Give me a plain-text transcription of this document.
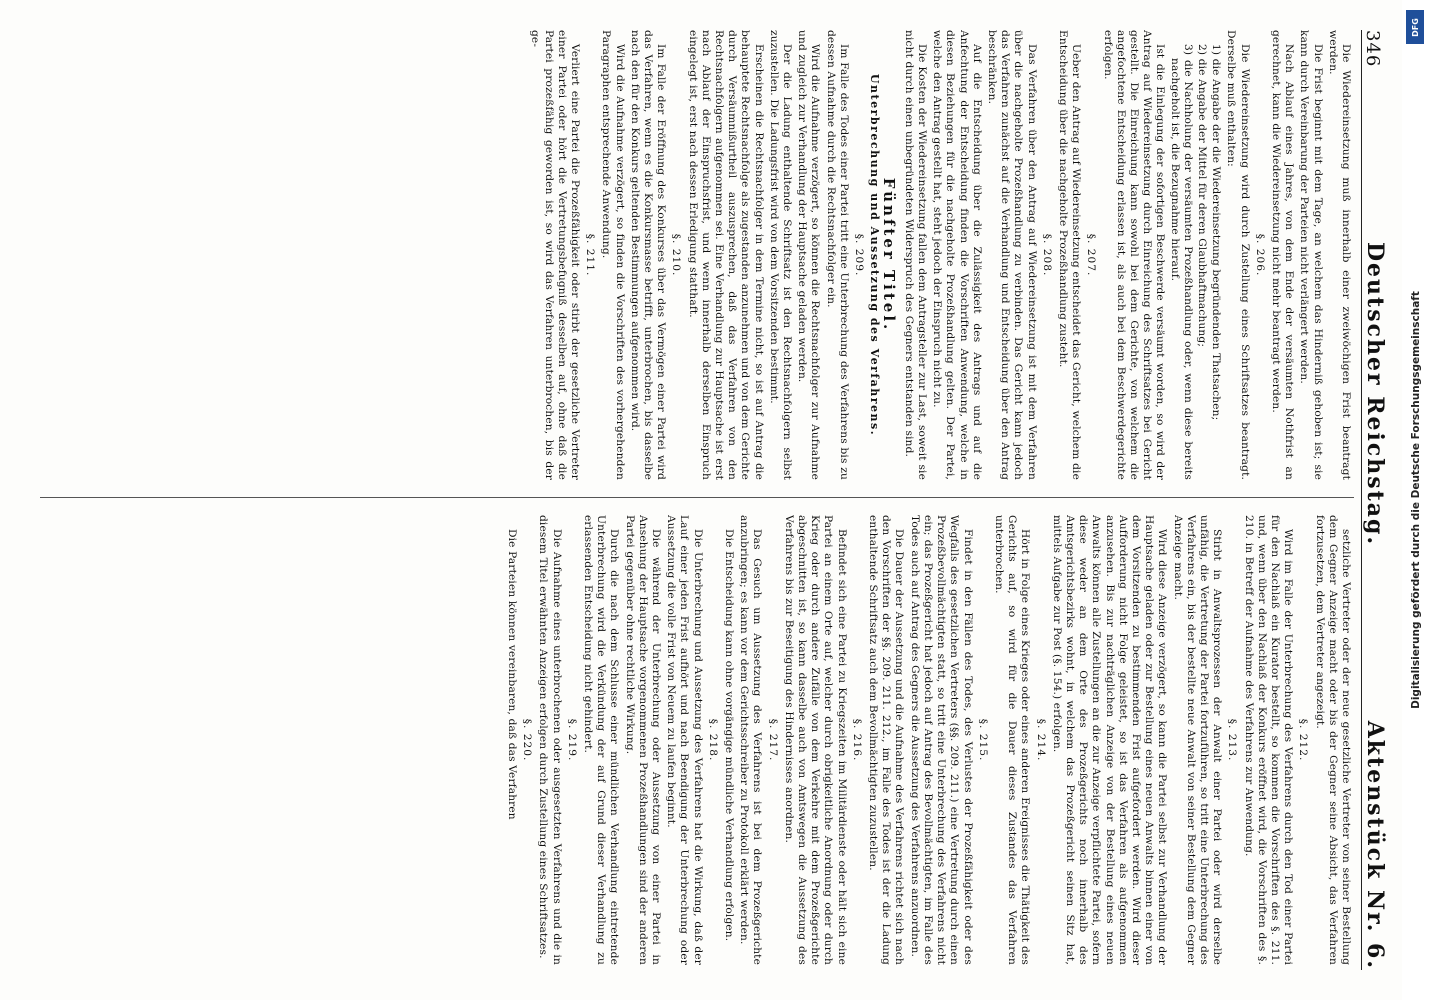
346
Deutscher Reichstag.
Aktenstück Nr. 6.
Die Wiedereinsetzung muß innerhalb einer zweiwöchigen Frist beantragt werden.
Die Frist beginnt mit dem Tage, an welchem das Hinderniß gehoben ist; sie kann durch Vereinbarung der Parteien nicht verlängert werden.
Nach Ablauf eines Jahres, von dem Ende der versäumten Nothfrist an gerechnet, kann die Wiedereinsetzung nicht mehr beantragt werden.
§. 206.
Die Wiedereinsetzung wird durch Zustellung eines Schriftsatzes beantragt. Derselbe muß enthalten:
1) die Angabe der die Wiedereinsetzung begründenden Thatsachen;
2) die Angabe der Mittel für deren Glaubhaftmachung;
3) die Nachholung der versäumten Prozeßhandlung oder, wenn diese bereits nachgeholt ist, die Bezugnahme hierauf.
Ist die Einlegung der sofortigen Beschwerde versäumt worden, so wird der Antrag auf Wiedereinsetzung durch Einreichung des Schriftsatzes bei Gericht gestellt. Die Einreichung kann sowohl bei dem Gerichte, von welchem die angefochtene Entscheidung erlassen ist, als auch bei dem Beschwerdegerichte erfolgen.
§. 207.
Ueber den Antrag auf Wiedereinsetzung entscheidet das Gericht, welchem die Entscheidung über die nachgeholte Prozeßhandlung zusteht.
§. 208.
Das Verfahren über den Antrag auf Wiedereinsetzung ist mit dem Verfahren über die nachgeholte Prozeßhandlung zu verbinden. Das Gericht kann jedoch das Verfahren zunächst auf die Verhandlung und Entscheidung über den Antrag beschränken.
Auf die Entscheidung über die Zulässigkeit des Antrags und auf die Anfechtung der Entscheidung finden die Vorschriften Anwendung, welche in diesen Beziehungen für die nachgeholte Prozeßhandlung gelten. Der Partei, welche den Antrag gestellt hat, steht jedoch der Einspruch nicht zu.
Die Kosten der Wiedereinsetzung fallen dem Antragsteller zur Last, soweit sie nicht durch einen unbegründeten Widerspruch des Gegners entstanden sind.
Fünfter Titel.
Unterbrechung und Aussetzung des Verfahrens.
§. 209.
Im Falle des Todes einer Partei tritt eine Unterbrechung des Verfahrens bis zu dessen Aufnahme durch die Rechtsnachfolger ein.
Wird die Aufnahme verzögert, so können die Rechtsnachfolger zur Aufnahme und zugleich zur Verhandlung der Hauptsache geladen werden.
Der die Ladung enthaltende Schriftsatz ist den Rechtsnachfolgern selbst zuzustellen. Die Ladungsfrist wird von dem Vorsitzenden bestimmt.
Erscheinen die Rechtsnachfolger in dem Termine nicht, so ist auf Antrag die behauptete Rechtsnachfolge als zugestanden anzunehmen und von dem Gerichte durch Versäumnißurtheil auszusprechen, daß das Verfahren von den Rechtsnachfolgern aufgenommen sei. Eine Verhandlung zur Hauptsache ist erst nach Ablauf der Einspruchsfrist, und wenn innerhalb derselben Einspruch eingelegt ist, erst nach dessen Erledigung statthaft.
§. 210.
Im Falle der Eröffnung des Konkurses über das Vermögen einer Partei wird das Verfahren, wenn es die Konkursmasse betrifft, unterbrochen, bis dasselbe nach den für den Konkurs geltenden Bestimmungen aufgenommen wird.
Wird die Aufnahme verzögert, so finden die Vorschriften des vorhergehenden Paragraphen entsprechende Anwendung.
§. 211.
Verliert eine Partei die Prozeßfähigkeit oder stirbt der gesetzliche Vertreter einer Partei oder hört die Vertretungsbefugniß desselben auf, ohne daß die Partei prozeßfähig geworden ist, so wird das Verfahren unterbrochen, bis der ge-
setzliche Vertreter oder der neue gesetzliche Vertreter von seiner Bestellung dem Gegner Anzeige macht oder bis der Gegner seine Absicht, das Verfahren fortzusetzen, dem Vertreter angezeigt.
§. 212.
Wird im Falle der Unterbrechung des Verfahrens durch den Tod einer Partei für den Nachlaß ein Kurator bestellt, so kommen die Vorschriften des §. 211. und, wenn über den Nachlaß der Konkurs eröffnet wird, die Vorschriften des §. 210. in Betreff der Aufnahme des Verfahrens zur Anwendung.
§. 213.
Stirbt in Anwaltsprozessen der Anwalt einer Partei oder wird derselbe unfähig, die Vertretung der Partei fortzuführen, so tritt eine Unterbrechung des Verfahrens ein, bis der bestellte neue Anwalt von seiner Bestellung dem Gegner Anzeige macht.
Wird diese Anzeige verzögert, so kann die Partei selbst zur Verhandlung der Hauptsache geladen oder zur Bestellung eines neuen Anwalts binnen einer von dem Vorsitzenden zu bestimmenden Frist aufgefordert werden. Wird dieser Aufforderung nicht Folge geleistet, so ist das Verfahren als aufgenommen anzusehen. Bis zur nachträglichen Anzeige von der Bestellung eines neuen Anwalts können alle Zustellungen an die zur Anzeige verpflichtete Partei, sofern diese weder an dem Orte des Prozeßgerichts noch innerhalb des Amtsgerichtsbezirks wohnt, in welchem das Prozeßgericht seinen Sitz hat, mittels Aufgabe zur Post (§. 154.) erfolgen.
§. 214.
Hört in Folge eines Krieges oder eines anderen Ereignisses die Thätigkeit des Gerichts auf, so wird für die Dauer dieses Zustandes das Verfahren unterbrochen.
§. 215.
Findet in den Fällen des Todes, des Verlustes der Prozeßfähigkeit oder des Wegfalls des gesetzlichen Vertreters (§§. 209. 211.) eine Vertretung durch einen Prozeßbevollmächtigten statt, so tritt eine Unterbrechung des Verfahrens nicht ein; das Prozeßgericht hat jedoch auf Antrag des Bevollmächtigten, im Falle des Todes auch auf Antrag des Gegners die Aussetzung des Verfahrens anzuordnen.
Die Dauer der Aussetzung und die Aufnahme des Verfahrens richtet sich nach den Vorschriften der §§. 209. 211. 212., im Falle des Todes ist der die Ladung enthaltende Schriftsatz auch dem Bevollmächtigten zuzustellen.
§. 216.
Befindet sich eine Partei zu Kriegszeiten im Militärdienste oder hält sich eine Partei an einem Orte auf, welcher durch obrigkeitliche Anordnung oder durch Krieg oder durch andere Zufälle von dem Verkehre mit dem Prozeßgerichte abgeschnitten ist, so kann dasselbe auch von Amtswegen die Aussetzung des Verfahrens bis zur Beseitigung des Hindernisses anordnen.
§. 217.
Das Gesuch um Aussetzung des Verfahrens ist bei dem Prozeßgerichte anzubringen; es kann vor dem Gerichtsschreiber zu Protokoll erklärt werden.
Die Entscheidung kann ohne vorgängige mündliche Verhandlung erfolgen.
§. 218.
Die Unterbrechung und Aussetzung des Verfahrens hat die Wirkung, daß der Lauf einer jeden Frist aufhört und nach Beendigung der Unterbrechung oder Aussetzung die volle Frist von Neuem zu laufen beginnt.
Die während der Unterbrechung oder Aussetzung von einer Partei in Ansehung der Hauptsache vorgenommenen Prozeßhandlungen sind der anderen Partei gegenüber ohne rechtliche Wirkung.
Durch die nach dem Schlusse einer mündlichen Verhandlung eintretende Unterbrechung wird die Verkündung der auf Grund dieser Verhandlung zu erlassenden Entscheidung nicht gehindert.
§. 219.
Die Aufnahme eines unterbrochenen oder ausgesetzten Verfahrens und die in diesem Titel erwähnten Anzeigen erfolgen durch Zustellung eines Schriftsatzes.
§. 220.
Die Parteien können vereinbaren, daß das Verfahren
DFG
Digitalisierung gefördert durch die Deutsche Forschungsgemeinschaft
